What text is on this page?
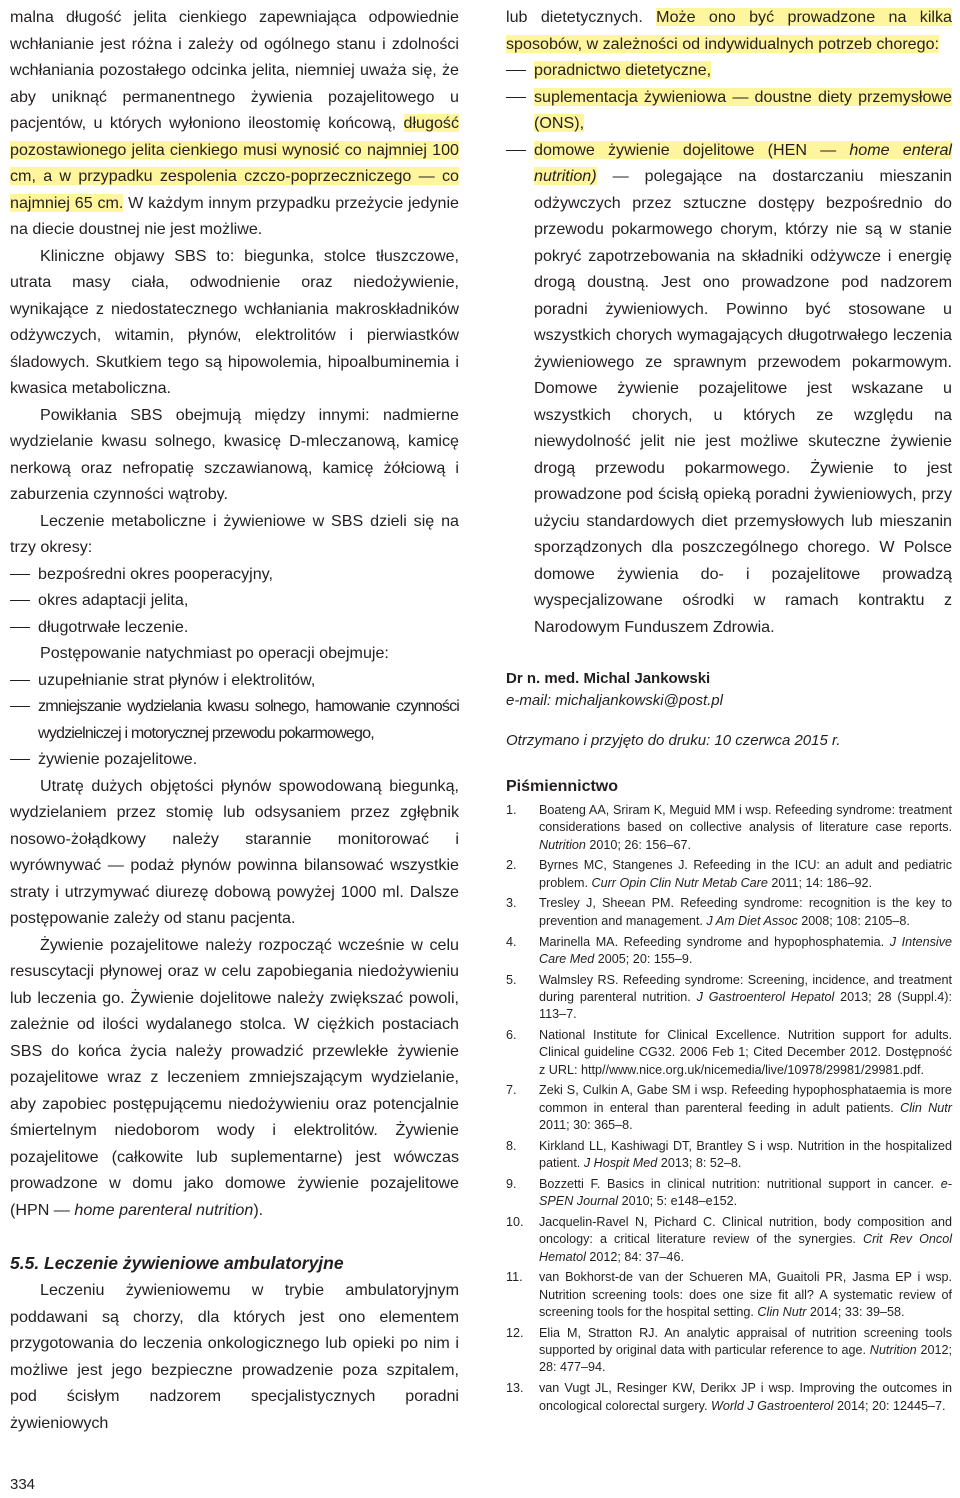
malna długość jelita cienkiego zapewniająca odpowiednie wchłanianie jest różna i zależy od ogólnego stanu i zdolności wchłaniania pozostałego odcinka jelita, niemniej uważa się, że aby uniknąć permanentnego żywienia pozajelitowego u pacjentów, u których wyłoniono ileostomię końcową, długość pozostawionego jelita cienkiego musi wynosić co najmniej 100 cm, a w przypadku zespolenia czczo-poprzeczniczego — co najmniej 65 cm. W każdym innym przypadku przeżycie jedynie na diecie doustnej nie jest możliwe.

Kliniczne objawy SBS to: biegunka, stolce tłuszczowe, utrata masy ciała, odwodnienie oraz niedożywienie, wynikające z niedostatecznego wchłaniania makroskładników odżywczych, witamin, płynów, elektrolitów i pierwiastków śladowych. Skutkiem tego są hipowolemia, hipoalbuminemia i kwasica metaboliczna.

Powikłania SBS obejmują między innymi: nadmierne wydzielanie kwasu solnego, kwasicę D-mleczanową, kamicę nerkową oraz nefropatię szczawianową, kamicę żółciową i zaburzenia czynności wątroby.

Leczenie metaboliczne i żywieniowe w SBS dzieli się na trzy okresy:

bezpośredni okres pooperacyjny,
okres adaptacji jelita,
długotrwałe leczenie.

Postępowanie natychmiast po operacji obejmuje:

uzupełnianie strat płynów i elektrolitów,
zmniejszanie wydzielania kwasu solnego, hamowanie czynności wydzielniczej i motorycznej przewodu pokarmowego,
żywienie pozajelitowe.

Utratę dużych objętości płynów spowodowaną biegunką, wydzielaniem przez stomię lub odsysaniem przez zgłębnik nosowo-żołądkowy należy starannie monitorować i wyrównywać — podaż płynów powinna bilansować wszystkie straty i utrzymywać diurezę dobową powyżej 1000 ml. Dalsze postępowanie zależy od stanu pacjenta.

Żywienie pozajelitowe należy rozpocząć wcześnie w celu resuscytacji płynowej oraz w celu zapobiegania niedożywieniu lub leczenia go. Żywienie dojelitowe należy zwiększać powoli, zależnie od ilości wydalanego stolca. W ciężkich postaciach SBS do końca życia należy prowadzić przewlekłe żywienie pozajelitowe wraz z leczeniem zmniejszającym wydzielanie, aby zapobiec postępującemu niedożywieniu oraz potencjalnie śmiertelnym niedoborom wody i elektrolitów. Żywienie pozajelitowe (całkowite lub suplementarne) jest wówczas prowadzone w domu jako domowe żywienie pozajelitowe (HPN — home parenteral nutrition).

5.5. Leczenie żywieniowe ambulatoryjne

Leczeniu żywieniowemu w trybie ambulatoryjnym poddawani są chorzy, dla których jest ono elementem przygotowania do leczenia onkologicznego lub opieki po nim i możliwe jest jego bezpieczne prowadzenie poza szpitalem, pod ścisłym nadzorem specjalistycznych poradni żywieniowych

lub dietetycznych. Może ono być prowadzone na kilka sposobów, w zależności od indywidualnych potrzeb chorego:

poradnictwo dietetyczne,
suplementacja żywieniowa — doustne diety przemysłowe (ONS),
domowe żywienie dojelitowe (HEN — home enteral nutrition) — polegające na dostarczaniu mieszanin odżywczych przez sztuczne dostępy bezpośrednio do przewodu pokarmowego chorym, którzy nie są w stanie pokryć zapotrzebowania na składniki odżywcze i energię drogą doustną. Jest ono prowadzone pod nadzorem poradni żywieniowych. Powinno być stosowane u wszystkich chorych wymagających długotrwałego leczenia żywieniowego ze sprawnym przewodem pokarmowym. Domowe żywienie pozajelitowe jest wskazane u wszystkich chorych, u których ze względu na niewydolność jelit nie jest możliwe skuteczne żywienie drogą przewodu pokarmowego. Żywienie to jest prowadzone pod ścisłą opieką poradni żywieniowych, przy użyciu standardowych diet przemysłowych lub mieszanin sporządzonych dla poszczególnego chorego. W Polsce domowe żywienia do- i pozajelitowe prowadzą wyspecjalizowane ośrodki w ramach kontraktu z Narodowym Funduszem Zdrowia.
Dr n. med. Michal Jankowski
e-mail: michaljankowski@post.pl
Otrzymano i przyjęto do druku: 10 czerwca 2015 r.
Piśmiennictwo
1. Boateng AA, Sriram K, Meguid MM i wsp. Refeeding syndrome: treatment considerations based on collective analysis of literature case reports. Nutrition 2010; 26: 156–67.
2. Byrnes MC, Stangenes J. Refeeding in the ICU: an adult and pediatric problem. Curr Opin Clin Nutr Metab Care 2011; 14: 186–92.
3. Tresley J, Sheean PM. Refeeding syndrome: recognition is the key to prevention and management. J Am Diet Assoc 2008; 108: 2105–8.
4. Marinella MA. Refeeding syndrome and hypophosphatemia. J Intensive Care Med 2005; 20: 155–9.
5. Walmsley RS. Refeeding syndrome: Screening, incidence, and treatment during parenteral nutrition. J Gastroenterol Hepatol 2013; 28 (Suppl.4): 113–7.
6. National Institute for Clinical Excellence. Nutrition support for adults. Clinical guideline CG32. 2006 Feb 1; Cited December 2012. Dostępność z URL: http//www.nice.org.uk/nicemedia/live/10978/29981/29981.pdf.
7. Zeki S, Culkin A, Gabe SM i wsp. Refeeding hypophosphataemia is more common in enteral than parenteral feeding in adult patients. Clin Nutr 2011; 30: 365–8.
8. Kirkland LL, Kashiwagi DT, Brantley S i wsp. Nutrition in the hospitalized patient. J Hospit Med 2013; 8: 52–8.
9. Bozzetti F. Basics in clinical nutrition: nutritional support in cancer. e-SPEN Journal 2010; 5: e148–e152.
10. Jacquelin-Ravel N, Pichard C. Clinical nutrition, body composition and oncology: a critical literature review of the synergies. Crit Rev Oncol Hematol 2012; 84: 37–46.
11. van Bokhorst-de van der Schueren MA, Guaitoli PR, Jasma EP i wsp. Nutrition screening tools: does one size fit all? A systematic review of screening tools for the hospital setting. Clin Nutr 2014; 33: 39–58.
12. Elia M, Stratton RJ. An analytic appraisal of nutrition screening tools supported by original data with particular reference to age. Nutrition 2012; 28: 477–94.
13. van Vugt JL, Resinger KW, Derikx JP i wsp. Improving the outcomes in oncological colorectal surgery. World J Gastroenterol 2014; 20: 12445–7.
334
